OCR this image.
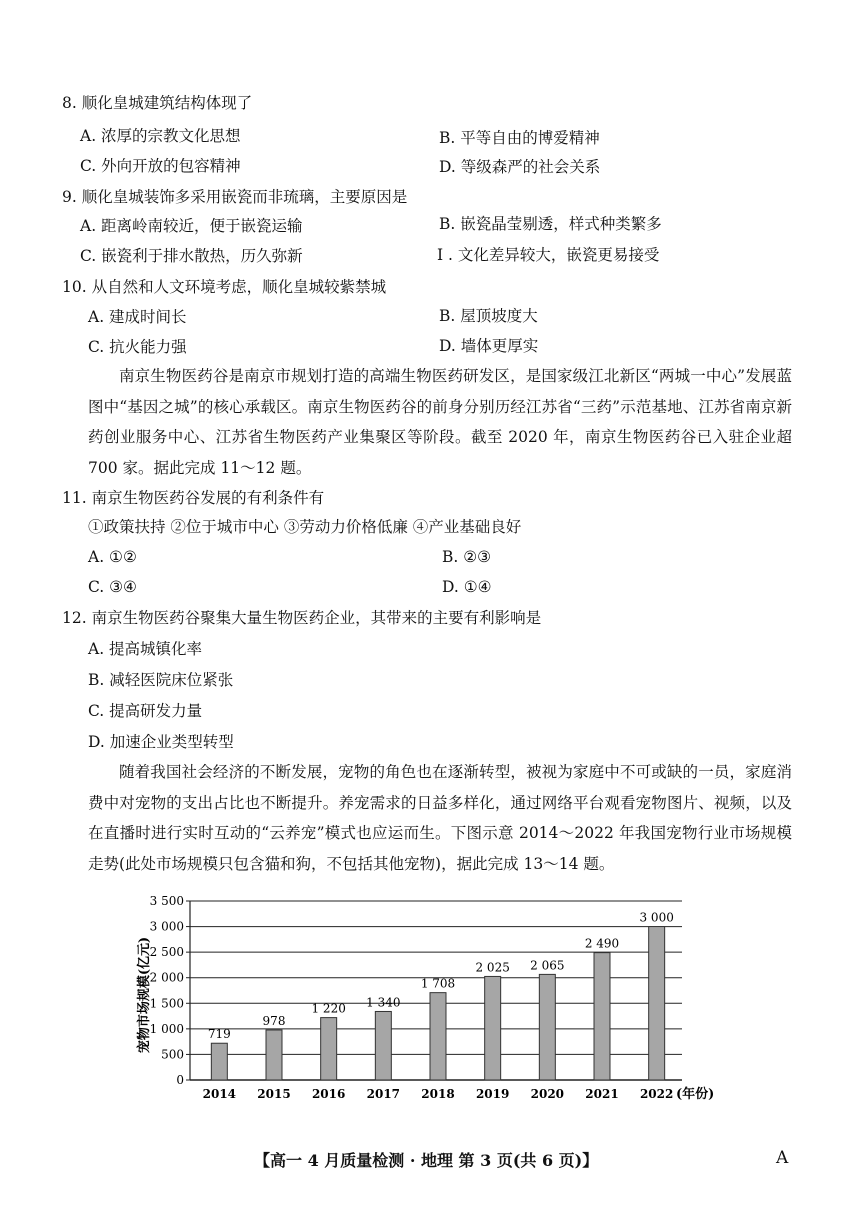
8. 顺化皇城建筑结构体现了
A. 浓厚的宗教文化思想	B. 平等自由的博爱精神
C. 外向开放的包容精神	D. 等级森严的社会关系
9. 顺化皇城装饰多采用嵌瓷而非琉璃，主要原因是
A. 距离岭南较近，便于嵌瓷运输	B. 嵌瓷晶莹剔透，样式种类繁多
C. 嵌瓷利于排水散热，历久弥新	I . 文化差异较大，嵌瓷更易接受
10. 从自然和人文环境考虑，顺化皇城较紫禁城
A. 建成时间长	B. 屋顶坡度大
C. 抗火能力强	D. 墙体更厚实
南京生物医药谷是南京市规划打造的高端生物医药研发区，是国家级江北新区“两城一中心”发展蓝图中“基因之城”的核心承载区。南京生物医药谷的前身分别历经江苏省“三药”示范基地、江苏省南京新药创业服务中心、江苏省生物医药产业集聚区等阶段。截至 2020 年，南京生物医药谷已入驻企业超 700 家。据此完成 11～12 题。
11. 南京生物医药谷发展的有利条件有
①政策扶持 ②位于城市中心 ③劳动力价格低廉 ④产业基础良好
A. ①②	B. ②③
C. ③④	D. ①④
12. 南京生物医药谷聚集大量生物医药企业，其带来的主要有利影响是
A. 提高城镇化率
B. 减轻医院床位紧张
C. 提高研发力量
D. 加速企业类型转型
随着我国社会经济的不断发展，宠物的角色也在逐渐转型，被视为家庭中不可或缺的一员，家庭消费中对宠物的支出占比也不断提升。养宠需求的日益多样化，通过网络平台观看宠物图片、视频，以及在直播时进行实时互动的“云养宠”模式也应运而生。下图示意 2014～2022 年我国宠物行业市场规模走势(此处市场规模只包含猫和狗，不包括其他宠物)，据此完成 13～14 题。
0
500
1 000
1 500
2 000
2 500
3 000
3 500
719
2014
978
2015
1 220
2016
1 340
2017
1 708
2018
2 025
2019
2 065
2020
2 490
2021
3 000
2022
宠物市场规模(亿元)
(年份)
【高一 4 月质量检测 · 地理 第 3 页(共 6 页)】	A
